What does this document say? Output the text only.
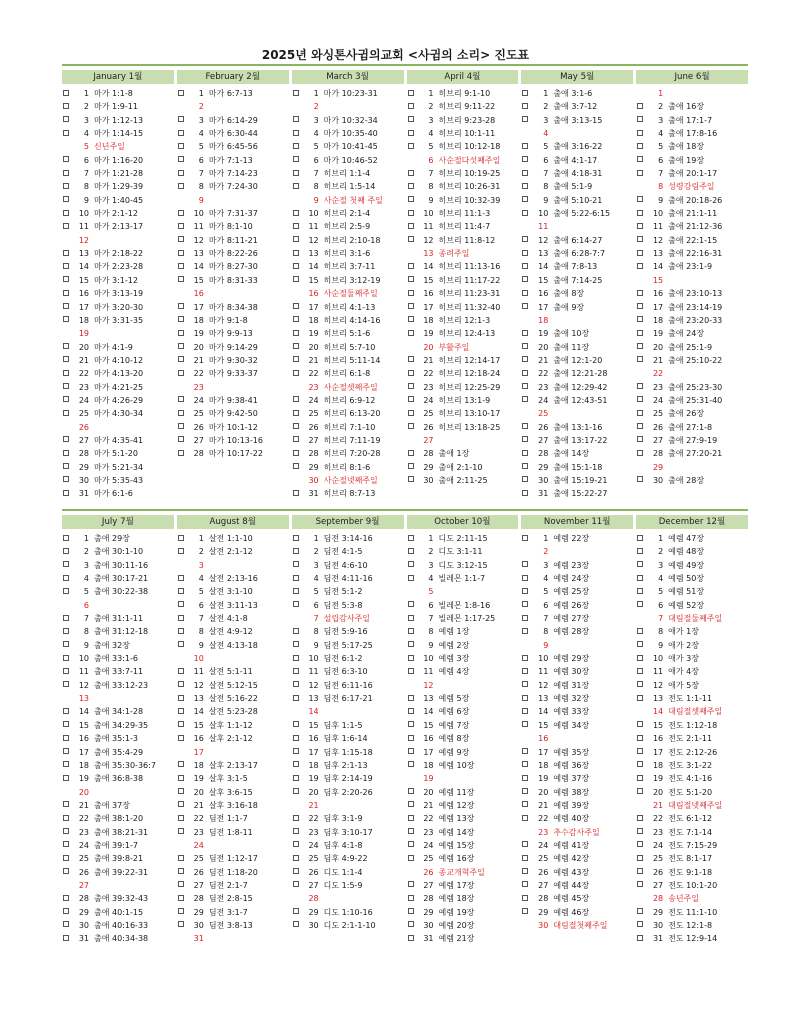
2025년 와싱톤사귐의교회 <사귐의 소리> 진도표
January 1월
1 마가 1:1-8
2 마가 1:9-11
3 마가 1:12-13
4 마가 1:14-15
5 신년주일
6 마가 1:16-20
7 마가 1:21-28
8 마가 1:29-39
9 마가 1:40-45
10 마가 2:1-12
11 마가 2:13-17
12
13 마가 2:18-22
14 마가 2:23-28
15 마가 3:1-12
16 마가 3:13-19
17 마가 3:20-30
18 마가 3:31-35
19
20 마가 4:1-9
21 마가 4:10-12
22 마가 4:13-20
23 마가 4:21-25
24 마가 4:26-29
25 마가 4:30-34
26
27 마가 4:35-41
28 마가 5:1-20
29 마가 5:21-34
30 마가 5:35-43
31 마가 6:1-6
February 2월
1 마가 6:7-13
2
3 마가 6:14-29
4 마가 6:30-44
5 마가 6:45-56
6 마가 7:1-13
7 마가 7:14-23
8 마가 7:24-30
9
10 마가 7:31-37
11 마가 8:1-10
12 마가 8:11-21
13 마가 8:22-26
14 마가 8:27-30
15 마가 8:31-33
16
17 마가 8:34-38
18 마가 9:1-8
19 마가 9:9-13
20 마가 9:14-29
21 마가 9:30-32
22 마가 9:33-37
23
24 마가 9:38-41
25 마가 9:42-50
26 마가 10:1-12
27 마가 10:13-16
28 마가 10:17-22
March 3월
1 마가 10:23-31
2
3 마가 10:32-34
4 마가 10:35-40
5 마가 10:41-45
6 마가 10:46-52
7 히브리 1:1-4
8 히브리 1:5-14
9 사순절 첫째 주일
10 히브리 2:1-4
11 히브리 2:5-9
12 히브리 2:10-18
13 히브리 3:1-6
14 히브리 3:7-11
15 히브리 3:12-19
16 사순절둘째주일
17 히브리 4:1-13
18 히브리 4:14-16
19 히브리 5:1-6
20 히브리 5:7-10
21 히브리 5:11-14
22 히브리 6:1-8
23 사순절셋째주일
24 히브리 6:9-12
25 히브리 6:13-20
26 히브리 7:1-10
27 히브리 7:11-19
28 히브리 7:20-28
29 히브리 8:1-6
30 사순절넷째주일
31 히브리 8:7-13
April 4월
1 히브리 9:1-10
2 히브리 9:11-22
3 히브리 9:23-28
4 히브리 10:1-11
5 히브리 10:12-18
6 사순절다섯째주일
7 히브리 10:19-25
8 히브리 10:26-31
9 히브리 10:32-39
10 히브리 11:1-3
11 히브리 11:4-7
12 히브리 11:8-12
13 종려주일
14 히브리 11:13-16
15 히브리 11:17-22
16 히브리 11:23-31
17 히브리 11:32-40
18 히브리 12:1-3
19 히브리 12:4-13
20 부활주일
21 히브리 12:14-17
22 히브리 12:18-24
23 히브리 12:25-29
24 히브리 13:1-9
25 히브리 13:10-17
26 히브리 13:18-25
27
28 출애 1장
29 출애 2:1-10
30 출애 2:11-25
May 5월
1 출애 3:1-6
2 출애 3:7-12
3 출애 3:13-15
4
5 출애 3:16-22
6 출애 4:1-17
7 출애 4:18-31
8 출애 5:1-9
9 출애 5:10-21
10 출애 5:22-6:15
11
12 출애 6:14-27
13 출애 6:28-7:7
14 출애 7:8-13
15 출애 7:14-25
16 출애 8장
17 출애 9장
18
19 출애 10장
20 출애 11장
21 출애 12:1-20
22 출애 12:21-28
23 출애 12:29-42
24 출애 12:43-51
25
26 출애 13:1-16
27 출애 13:17-22
28 출애 14장
29 출애 15:1-18
30 출애 15:19-21
31 출애 15:22-27
June 6월
1
2 출애 16장
3 출애 17:1-7
4 출애 17:8-16
5 출애 18장
6 출애 19장
7 출애 20:1-17
8 성령강림주일
9 출애 20:18-26
10 출애 21:1-11
11 출애 21:12-36
12 출애 22:1-15
13 출애 22:16-31
14 출애 23:1-9
15
16 출애 23:10-13
17 출애 23:14-19
18 출애 23:20-33
19 출애 24장
20 출애 25:1-9
21 출애 25:10-22
22
23 출애 25:23-30
24 출애 25:31-40
25 출애 26장
26 출애 27:1-8
27 출애 27:9-19
28 출애 27:20-21
29
30 출애 28장
July 7월
1 출애 29장
2 출애 30:1-10
3 출애 30:11-16
4 출애 30:17-21
5 출애 30:22-38
6
7 출애 31:1-11
8 출애 31:12-18
9 출애 32장
10 출애 33:1-6
11 출애 33:7-11
12 출애 33:12-23
13
14 출애 34:1-28
15 출애 34:29-35
16 출애 35:1-3
17 출애 35:4-29
18 출애 35:30-36:7
19 출애 36:8-38
20
21 출애 37장
22 출애 38:1-20
23 출애 38:21-31
24 출애 39:1-7
25 출애 39:8-21
26 출애 39:22-31
27
28 출애 39:32-43
29 출애 40:1-15
30 출애 40:16-33
31 출애 40:34-38
August 8월
1 살전 1:1-10
2 살전 2:1-12
3
4 살전 2:13-16
5 살전 3:1-10
6 살전 3:11-13
7 살전 4:1-8
8 살전 4:9-12
9 살전 4:13-18
10
11 살전 5:1-11
12 살전 5:12-15
13 살전 5:16-22
14 살전 5:23-28
15 살후 1:1-12
16 살후 2:1-12
17
18 살후 2:13-17
19 살후 3:1-5
20 살후 3:6-15
21 살후 3:16-18
22 딤전 1:1-7
23 딤전 1:8-11
24
25 딤전 1:12-17
26 딤전 1:18-20
27 딤전 2:1-7
28 딤전 2:8-15
29 딤전 3:1-7
30 딤전 3:8-13
31
September 9월
1 딤전 3:14-16
2 딤전 4:1-5
3 딤전 4:6-10
4 딤전 4:11-16
5 딤전 5:1-2
6 딤전 5:3-8
7 설립감사주일
8 딤전 5:9-16
9 딤전 5:17-25
10 딤전 6:1-2
11 딤전 6:3-10
12 딤전 6:11-16
13 딤전 6:17-21
14
15 딤후 1:1-5
16 딤후 1:6-14
17 딤후 1:15-18
18 딤후 2:1-13
19 딤후 2:14-19
20 딤후 2:20-26
21
22 딤후 3:1-9
23 딤후 3:10-17
24 딤후 4:1-8
25 딤후 4:9-22
26 디도 1:1-4
27 디도 1:5-9
28
29 디도 1:10-16
30 디도 2:1-1-10
October 10월
1 디도 2:11-15
2 디도 3:1-11
3 디도 3:12-15
4 빌레몬 1:1-7
5
6 빌레몬 1:8-16
7 빌레몬 1:17-25
8 예렘 1장
9 예렘 2장
10 예렘 3장
11 예렘 4장
12
13 예렘 5장
14 예렘 6장
15 예렘 7장
16 예렘 8장
17 예렘 9장
18 예렘 10장
19
20 예렘 11장
21 예렘 12장
22 예렘 13장
23 예렘 14장
24 예렘 15장
25 예렘 16장
26 종교개혁주일
27 예렘 17장
28 예렘 18장
29 예렘 19장
30 예렘 20장
31 예렘 21장
November 11월
1 예렘 22장
2
3 예렘 23장
4 예렘 24장
5 예렘 25장
6 예렘 26장
7 예렘 27장
8 예렘 28장
9
10 예렘 29장
11 예렘 30장
12 예렘 31장
13 예렘 32장
14 예렘 33장
15 예렘 34장
16
17 예렘 35장
18 예렘 36장
19 예렘 37장
20 예렘 38장
21 예렘 39장
22 예렘 40장
23 추수감사주일
24 예렘 41장
25 예렘 42장
26 예렘 43장
27 예렘 44장
28 예렘 45장
29 예렘 46장
30 대림절첫째주일
December 12월
1 예렘 47장
2 예렘 48장
3 예렘 49장
4 예렘 50장
5 예렘 51장
6 예렘 52장
7 대림절둘째주일
8 애가 1장
9 애가 2장
10 애가 3장
11 애가 4장
12 애가 5장
13 전도 1:1-11
14 대림절셋째주일
15 전도 1:12-18
16 전도 2:1-11
17 전도 2:12-26
18 전도 3:1-22
19 전도 4:1-16
20 전도 5:1-20
21 대림절넷째주일
22 전도 6:1-12
23 전도 7:1-14
24 전도 7:15-29
25 전도 8:1-17
26 전도 9:1-18
27 전도 10:1-20
28 송년주일
29 전도 11:1-10
30 전도 12:1-8
31 전도 12:9-14
